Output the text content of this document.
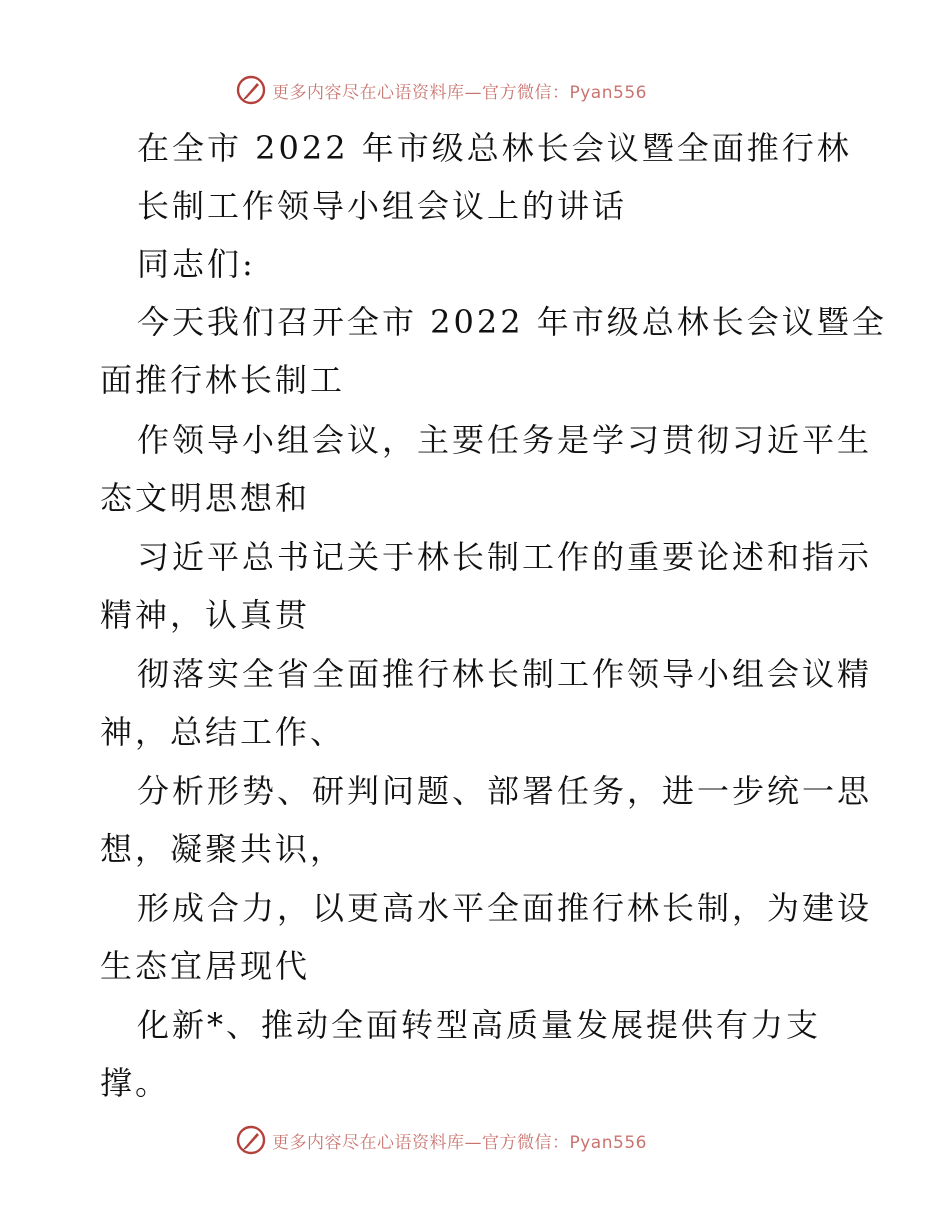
更多内容尽在心语资料库—官方微信：Pyan556
在全市 2022 年市级总林长会议暨全面推行林
长制工作领导小组会议上的讲话
同志们:
今天我们召开全市 2022 年市级总林长会议暨全
面推行林长制工
作领导小组会议，主要任务是学习贯彻习近平生
态文明思想和
习近平总书记关于林长制工作的重要论述和指示
精神，认真贯
彻落实全省全面推行林长制工作领导小组会议精
神，总结工作、
分析形势、研判问题、部署任务，进一步统一思
想，凝聚共识，
形成合力，以更高水平全面推行林长制，为建设
生态宜居现代
化新*、推动全面转型高质量发展提供有力支
撑。
更多内容尽在心语资料库—官方微信：Pyan556
